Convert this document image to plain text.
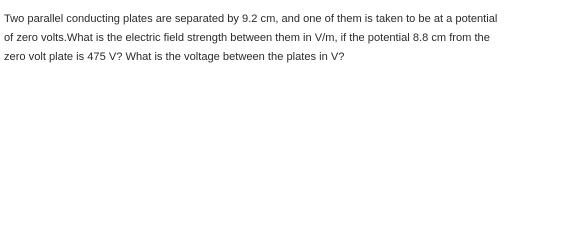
Two parallel conducting plates are separated by 9.2 cm, and one of them is taken to be at a potential
of zero volts.What is the electric field strength between them in V/m, if the potential 8.8 cm from the
zero volt plate is 475 V? What is the voltage between the plates in V?
